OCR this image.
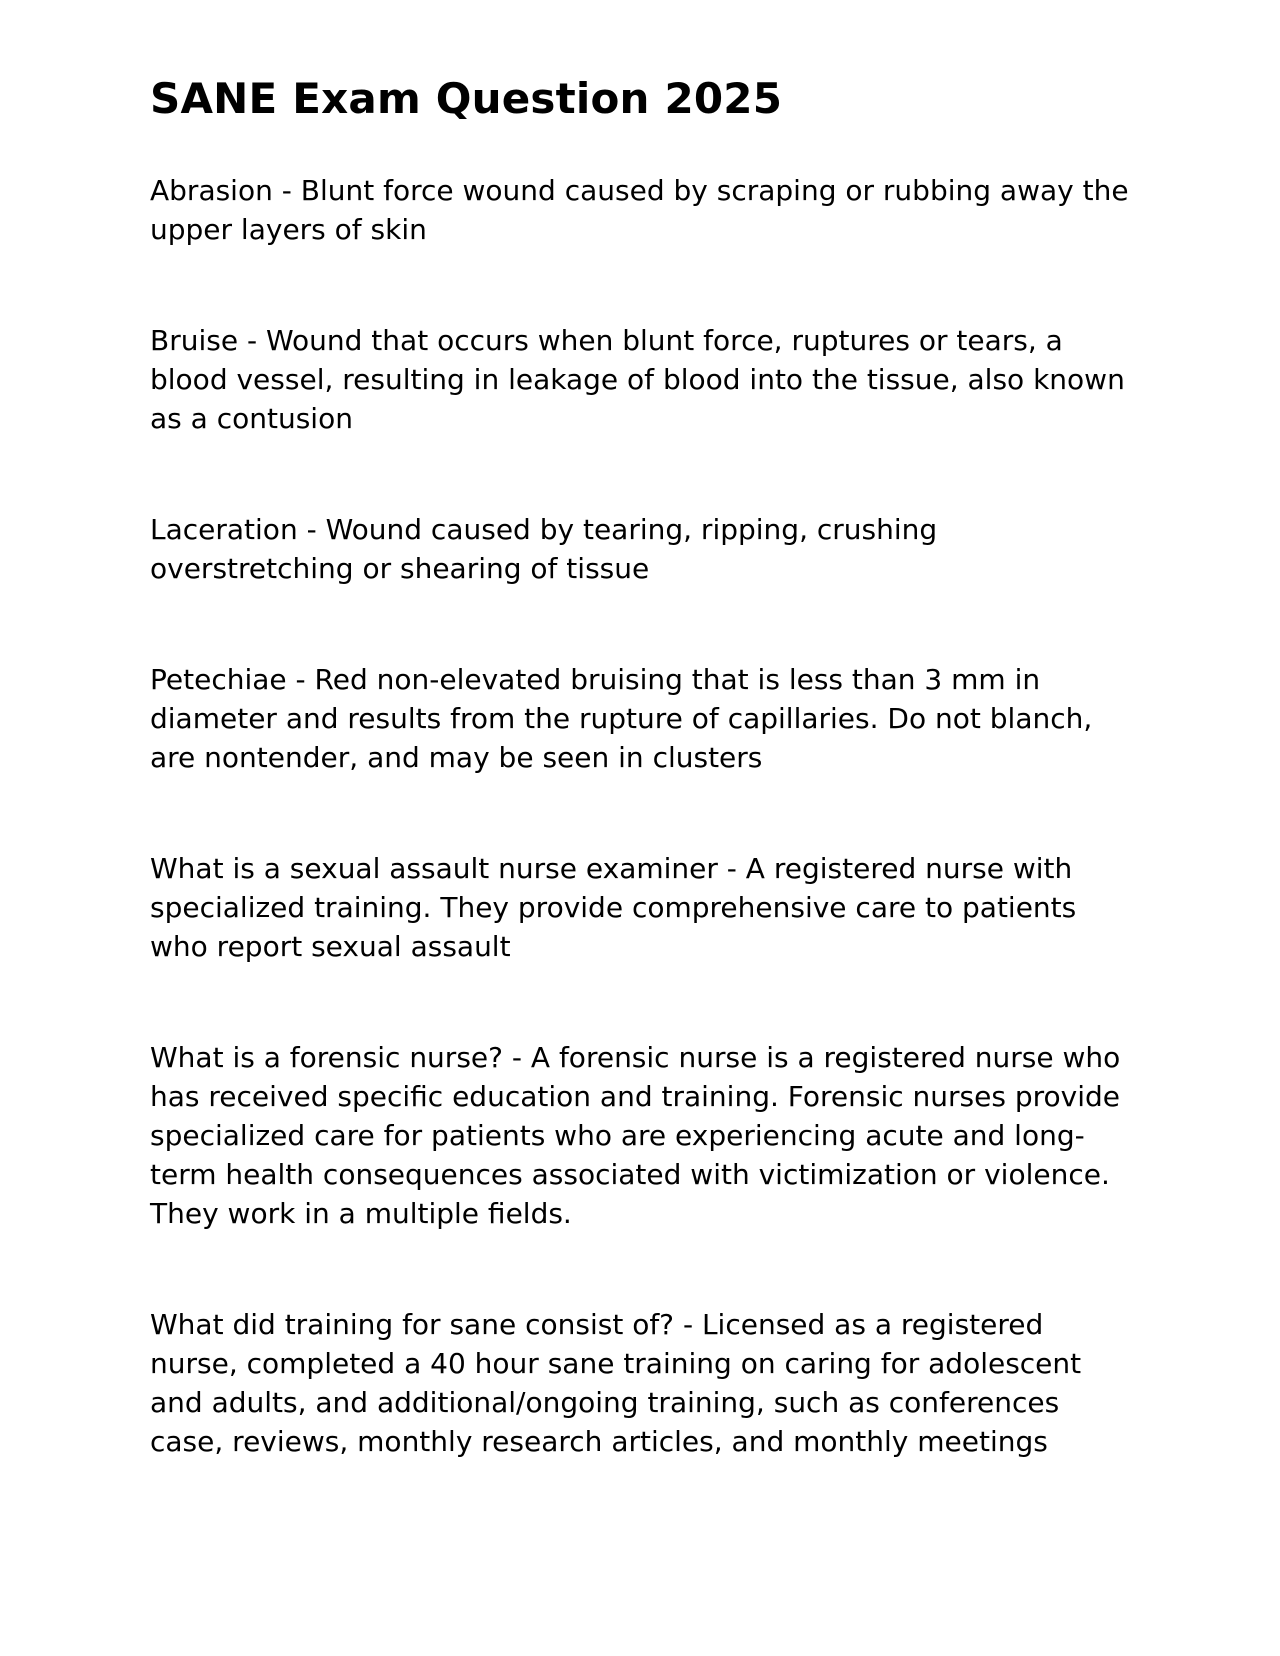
SANE Exam Question 2025

Abrasion - Blunt force wound caused by scraping or rubbing away the upper layers of skin

Bruise - Wound that occurs when blunt force, ruptures or tears, a blood vessel, resulting in leakage of blood into the tissue, also known as a contusion

Laceration - Wound caused by tearing, ripping, crushing overstretching or shearing of tissue

Petechiae - Red non-elevated bruising that is less than 3 mm in diameter and results from the rupture of capillaries. Do not blanch, are nontender, and may be seen in clusters

What is a sexual assault nurse examiner - A registered nurse with specialized training. They provide comprehensive care to patients who report sexual assault

What is a forensic nurse? - A forensic nurse is a registered nurse who has received specific education and training. Forensic nurses provide specialized care for patients who are experiencing acute and long-term health consequences associated with victimization or violence. They work in a multiple fields.

What did training for sane consist of? - Licensed as a registered nurse, completed a 40 hour sane training on caring for adolescent and adults, and additional/ongoing training, such as conferences case, reviews, monthly research articles, and monthly meetings
